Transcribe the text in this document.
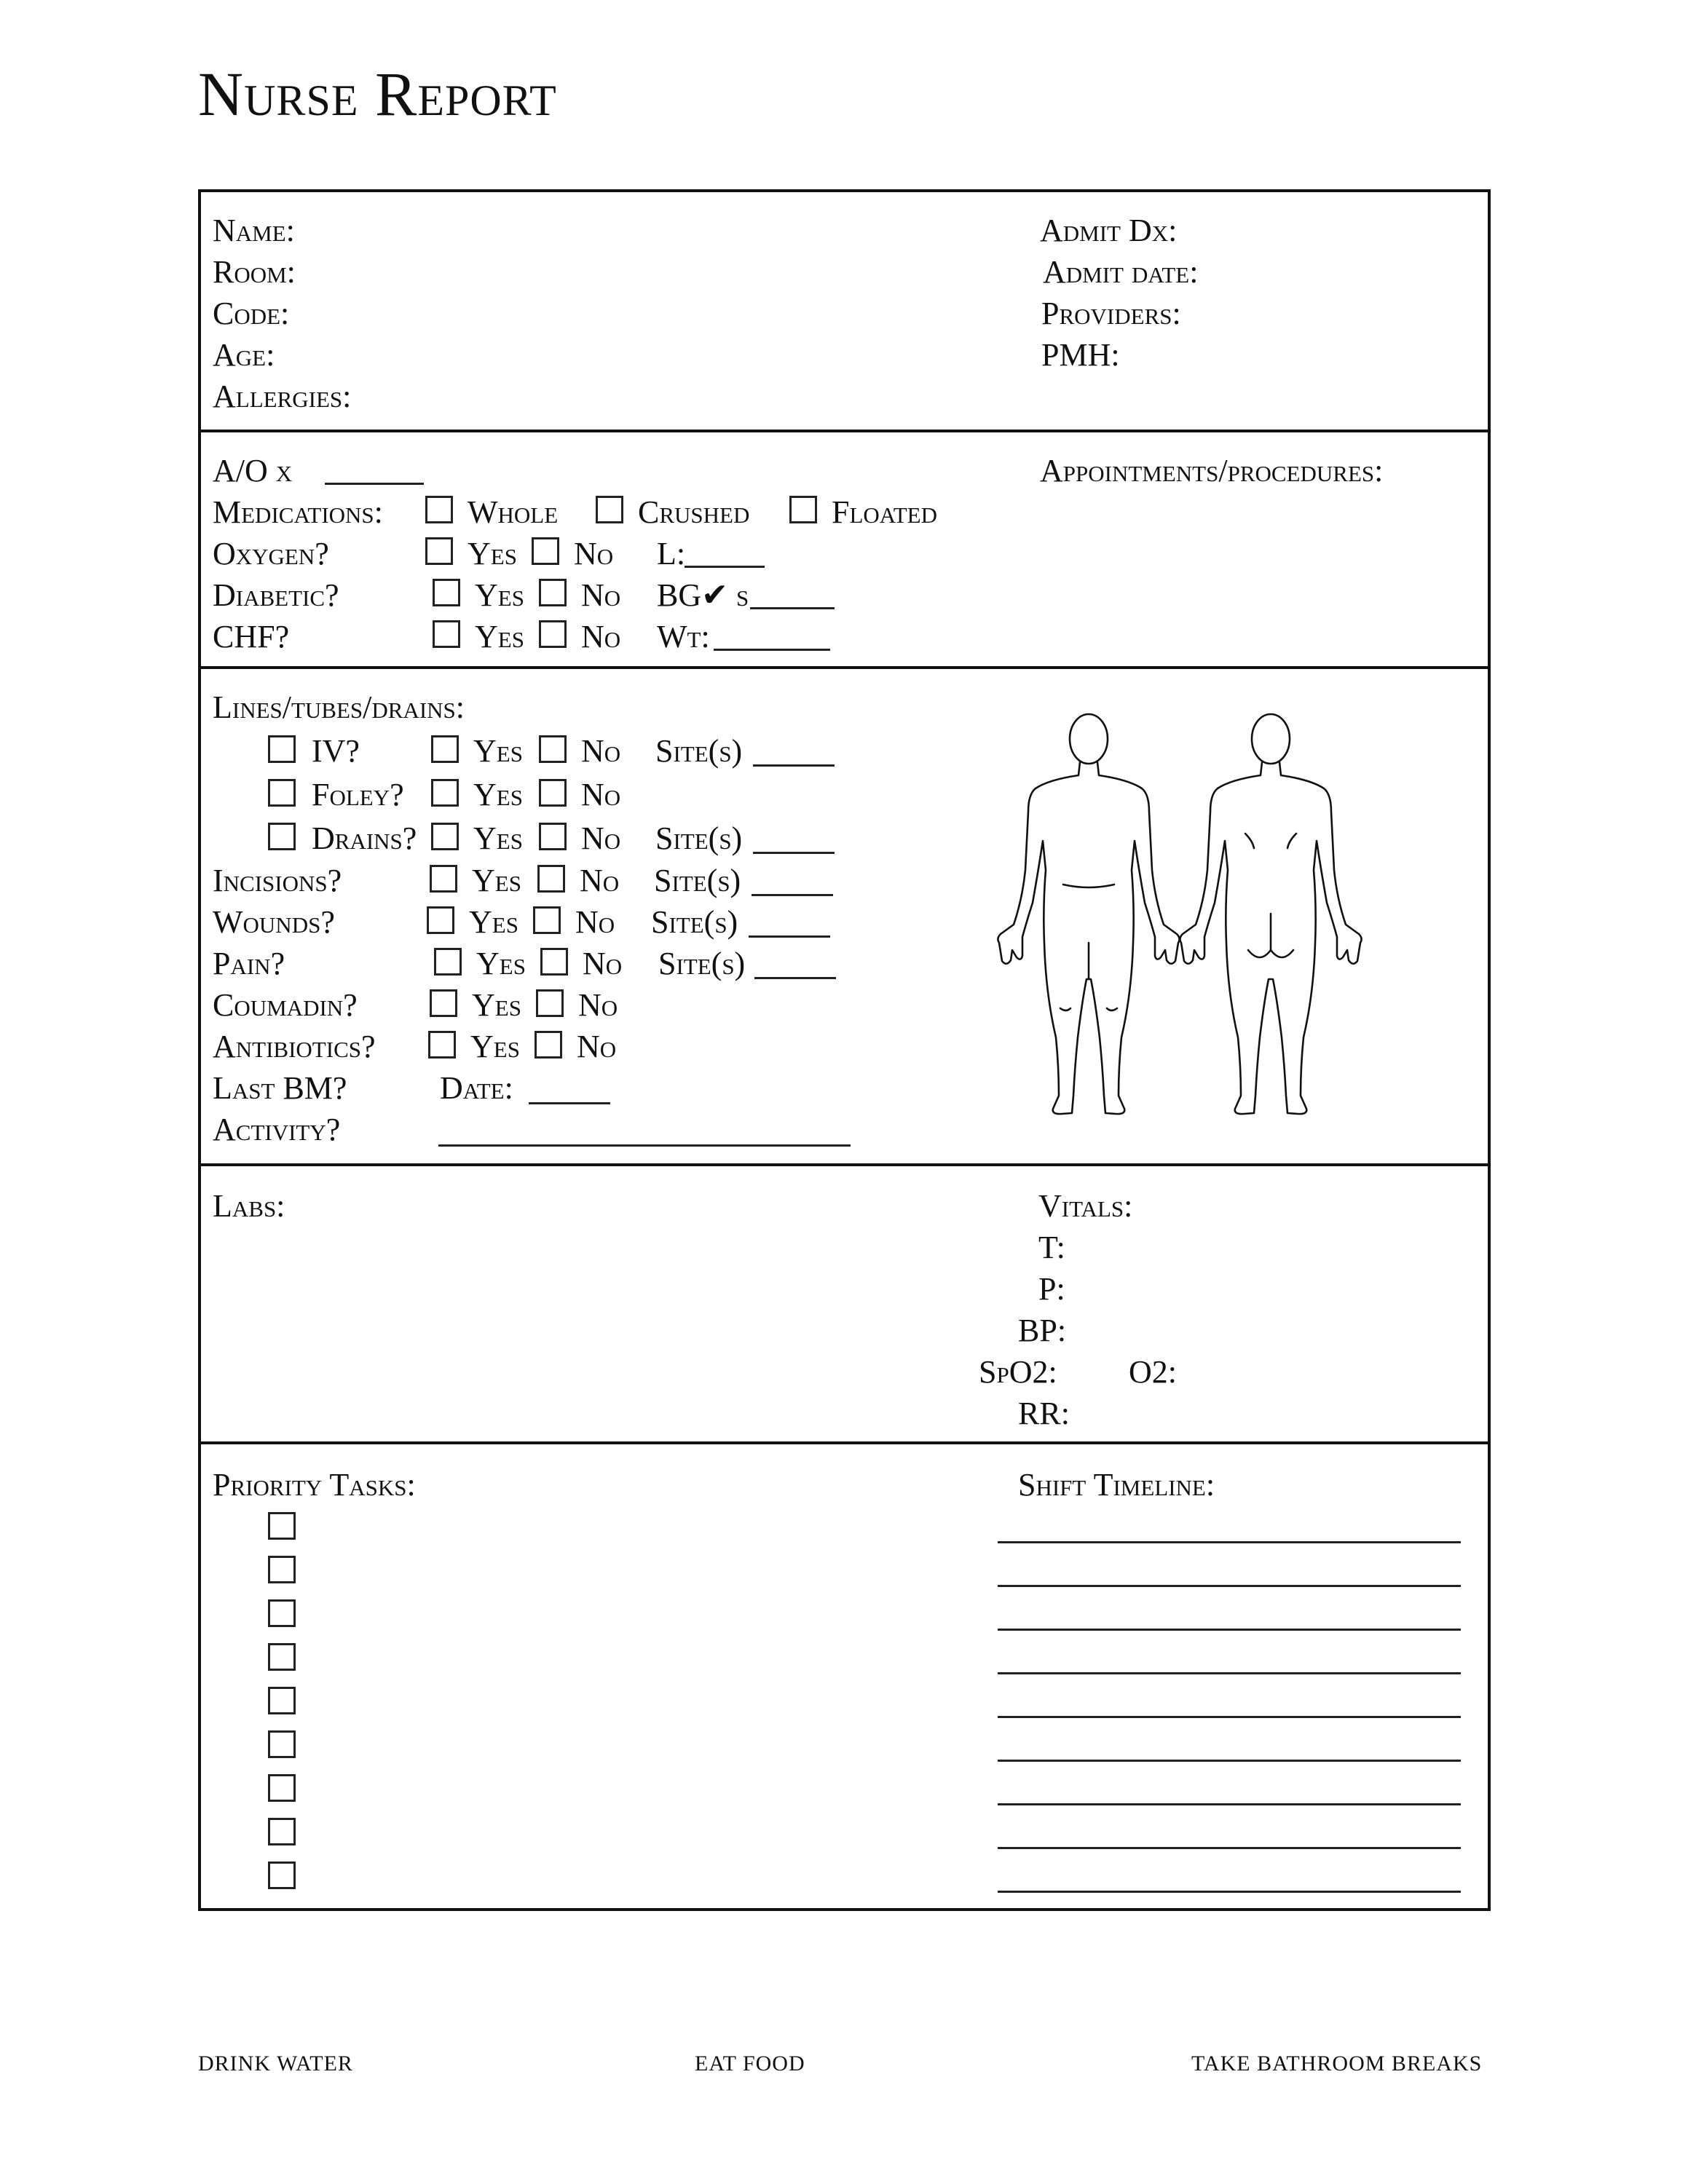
Nurse Report
Name:
Room:
Code:
Age:
Allergies:
Admit Dx:
Admit date:
Providers:
PMH:
A/O x	Appointments/procedures:
Medications:	Whole Crushed	Floated
Oxygen?	Yes No L:
Diabetic?	Yes No BG✔ s
CHF?	Yes No Wt:
Lines/tubes/drains:
IV?	Yes No Site(s)
Foley? Yes No
Drains? Yes No Site(s)
Incisions?	Yes No Site(s)
Wounds?	Yes No Site(s)
Pain?	Yes No Site(s)
Coumadin?	Yes No
Antibiotics?	Yes No
Last BM?	Date:
Activity?
Labs:	Vitals:
T:
P:
BP:
SpO2: O2:
RR:
Priority Tasks:	Shift Timeline:
DRINK WATER	EAT FOOD	TAKE BATHROOM BREAKS
